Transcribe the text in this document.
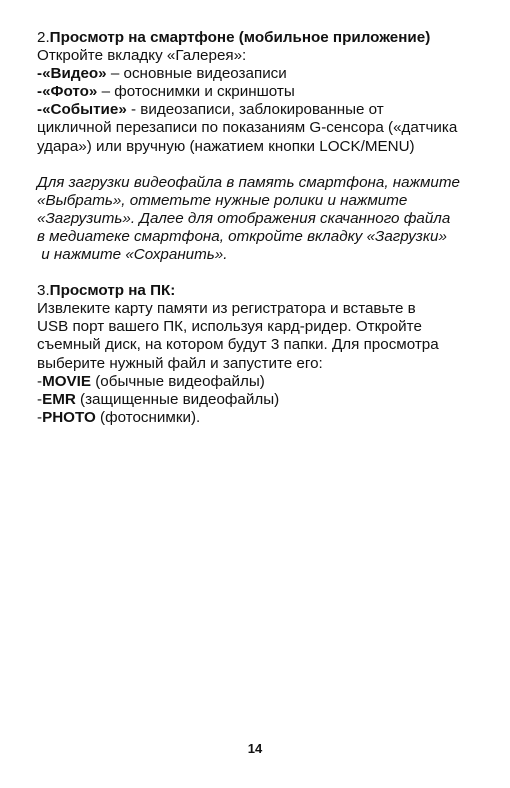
2.Просмотр на смартфоне (мобильное приложение)
Откройте вкладку «Галерея»:
-«Видео» – основные видеозаписи
-«Фото» – фотоснимки и скриншоты
-«Событие» - видеозаписи, заблокированные от
цикличной перезаписи по показаниям G-сенсора («датчика
удара») или вручную (нажатием кнопки LOCK/MENU)
Для загрузки видеофайла в память смартфона, нажмите
«Выбрать», отметьте нужные ролики и нажмите
«Загрузить». Далее для отображения скачанного файла
в медиатеке смартфона, откройте вкладку «Загрузки»
и нажмите «Сохранить».
3.Просмотр на ПК:
Извлеките карту памяти из регистратора и вставьте в
USB порт вашего ПК, используя кард-ридер. Откройте
съемный диск, на котором будут 3 папки. Для просмотра
выберите нужный файл и запустите его:
-MOVIE (обычные видеофайлы)
-EMR (защищенные видеофайлы)
-PHOTO (фотоснимки).
14
